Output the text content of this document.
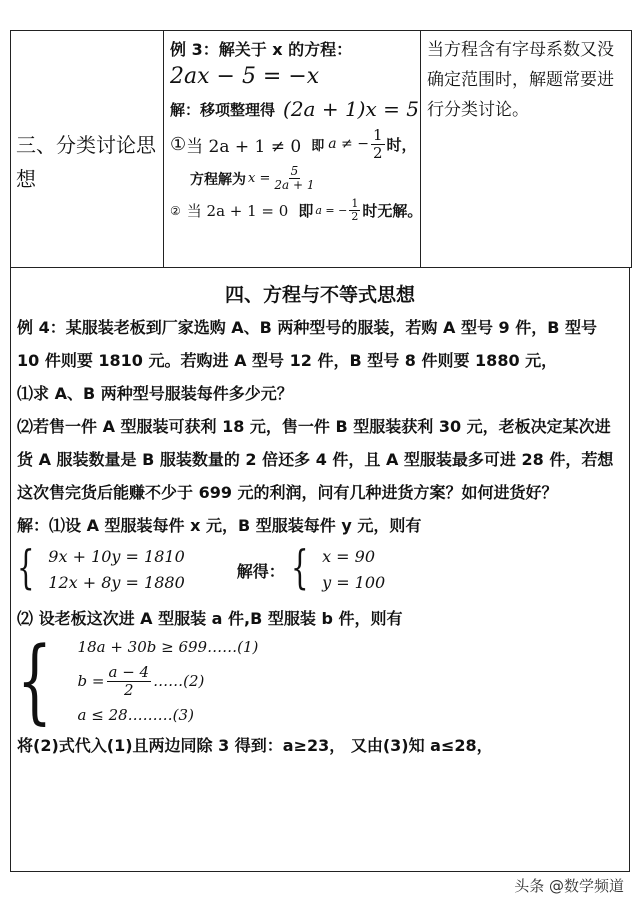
三、分类讨论思想

例 3：解关于 x 的方程：
2ax − 5 = −x
解：移项整理得 (2a + 1)x = 5
① 当 2a + 1 ≠ 0 即 a ≠ − $\frac{1}{2}$ 时，
方程解为 $x = \frac{5}{2a + 1}$
② 当 2a + 1 = 0 即 a = − $\frac{1}{2}$ 时无解。

当方程含有字母系数又没确定范围时，解题常要进行分类讨论。
四、方程与不等式思想
例 4：某服装老板到厂家选购 A、B 两种型号的服装，若购 A 型号 9 件，B 型号 10 件则要 1810 元。若购进 A 型号 12 件，B 型号 8 件则要 1880 元，
⑴求 A、B 两种型号服装每件多少元？
⑵若售一件 A 型服装可获利 18 元，售一件 B 型服装获利 30 元，老板决定某次进货 A 服装数量是 B 服装数量的 2 倍还多 4 件，且 A 型服装最多可进 28 件，若想这次售完货后能赚不少于 699 元的利润，问有几种进货方案？如何进货好？
解：⑴设 A 型服装每件 x 元，B 型服装每件 y 元，则有
{ 9x + 10y = 1810
12x + 8y = 1880
解得： { x = 90
y = 100
⑵ 设老板这次进 A 型服装 a 件,B 型服装 b 件，则有
{ 18a + 30b ≥ 699……(1)
$b = \frac{a - 4}{2}$ ……(2)
a ≤ 28………(3)
将(2)式代入(1)且两边同除 3 得到：a≥23， 又由(3)知 a≤28，
头条 @数学频道
